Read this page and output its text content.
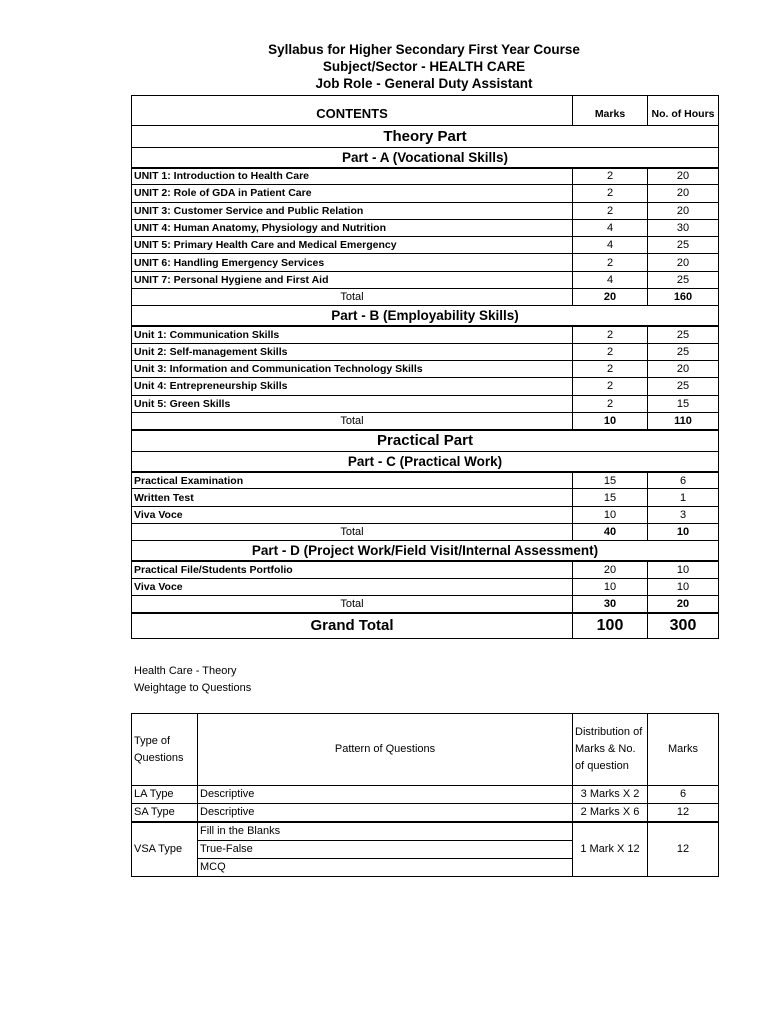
Syllabus for Higher Secondary First Year Course
Subject/Sector - HEALTH CARE
Job Role - General Duty Assistant
CONTENTS	Marks	No. of Hours
Theory Part		
Part - A (Vocational Skills)		
UNIT 1: Introduction to Health Care	2	20
UNIT 2: Role of GDA in Patient Care	2	20
UNIT 3: Customer Service and Public Relation	2	20
UNIT 4: Human Anatomy, Physiology and Nutrition	4	30
UNIT 5: Primary Health Care and Medical Emergency	4	25
UNIT 6: Handling Emergency Services	2	20
UNIT 7: Personal Hygiene and First Aid	4	25
Total	20	160
Part - B (Employability Skills)		
Unit 1: Communication Skills	2	25
Unit 2: Self-management Skills	2	25
Unit 3: Information and Communication Technology Skills	2	20
Unit 4: Entrepreneurship Skills	2	25
Unit 5: Green Skills	2	15
Total	10	110
Practical Part		
Part - C (Practical Work)		
Practical Examination	15	6
Written Test	15	1
Viva Voce	10	3
Total	40	10
Part - D (Project Work/Field Visit/Internal Assessment)		
Practical File/Students Portfolio	20	10
Viva Voce	10	10
Total	30	20
Grand Total	100	300
Health Care - Theory
Weightage to Questions
Type of Questions	Pattern of Questions	Distribution of Marks & No. of question	Marks
LA Type	Descriptive	3 Marks X 2	6
SA Type	Descriptive	2 Marks X 6	12
VSA Type	Fill in the Blanks	1 Mark X 12	12
	True-False		
	MCQ		
